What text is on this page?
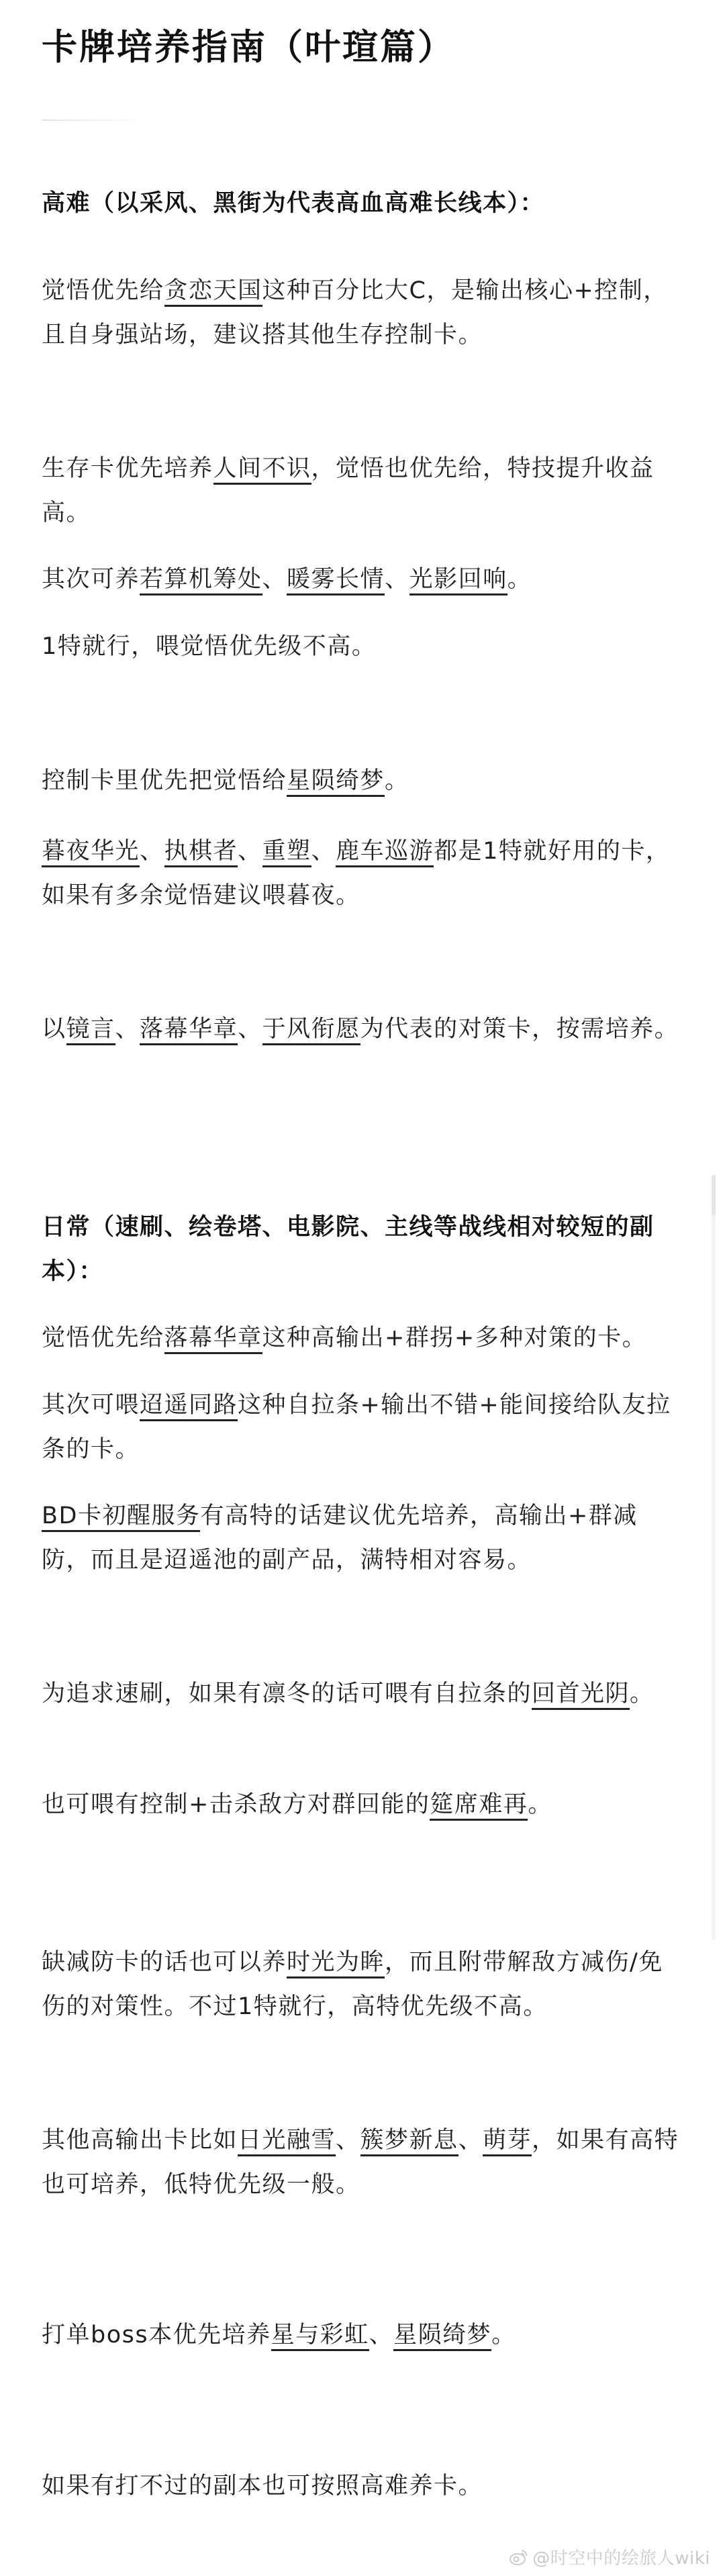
卡牌培养指南（叶瑄篇）
高难（以采风、黑街为代表高血高难长线本）：
觉悟优先给贪恋天国这种百分比大C，是输出核心+控制，且自身强站场，建议搭其他生存控制卡。
生存卡优先培养人间不识，觉悟也优先给，特技提升收益高。
其次可养若算机筹处、暖雾长情、光影回响。
1特就行，喂觉悟优先级不高。
控制卡里优先把觉悟给星陨绮梦。
暮夜华光、执棋者、重塑、鹿车巡游都是1特就好用的卡，如果有多余觉悟建议喂暮夜。
以镜言、落幕华章、于风衔愿为代表的对策卡，按需培养。
日常（速刷、绘卷塔、电影院、主线等战线相对较短的副本）：
觉悟优先给落幕华章这种高输出+群拐+多种对策的卡。
其次可喂迢遥同路这种自拉条+输出不错+能间接给队友拉条的卡。
BD卡初醒服务有高特的话建议优先培养，高输出+群减防，而且是迢遥池的副产品，满特相对容易。
为追求速刷，如果有凛冬的话可喂有自拉条的回首光阴。
也可喂有控制+击杀敌方对群回能的筵席难再。
缺减防卡的话也可以养时光为眸，而且附带解敌方减伤/免伤的对策性。不过1特就行，高特优先级不高。
其他高输出卡比如日光融雪、簇梦新息、萌芽，如果有高特也可培养，低特优先级一般。
打单boss本优先培养星与彩虹、星陨绮梦。
如果有打不过的副本也可按照高难养卡。
@时空中的绘旅人wiki
